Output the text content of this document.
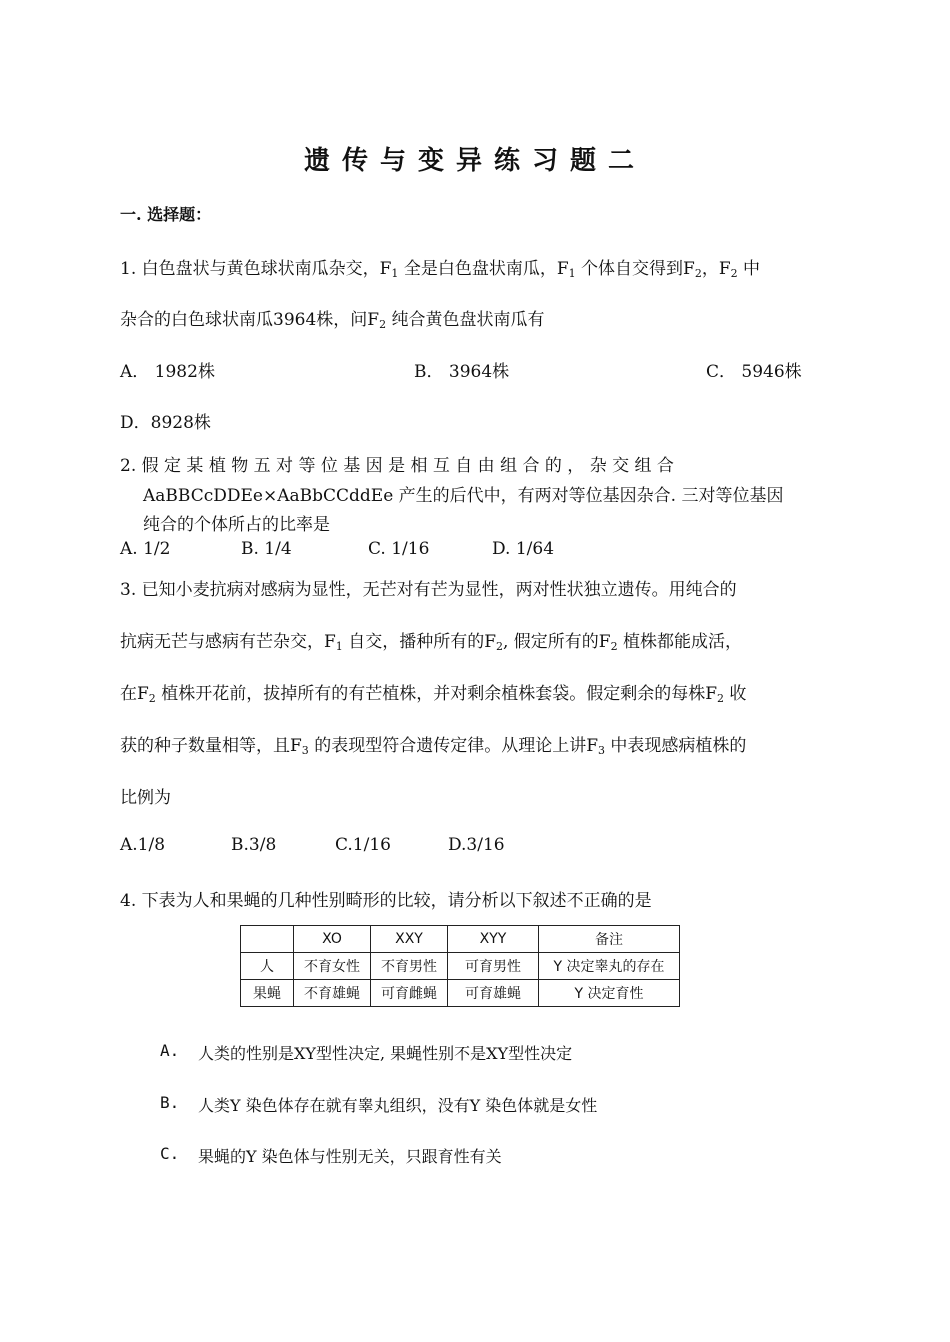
遗传与变异练习题二
一. 选择题：
1. 白色盘状与黄色球状南瓜杂交，$F_1$ 全是白色盘状南瓜，$F_1$ 个体自交得到$F_2$，$F_2$ 中
杂合的白色球状南瓜3964株，问$F_2$ 纯合黄色盘状南瓜有
A． 1982株	B． 3964株	C． 5946株
D．8928株
2. 假 定 某 植 物 五 对 等 位 基 因 是 相 互 自 由 组 合 的 ， 杂 交 组 合
AaBBCcDDEe×AaBbCCddEe 产生的后代中，有两对等位基因杂合. 三对等位基因
纯合的个体所占的比率是
A. 1/2	B. 1/4	C. 1/16	D. 1/64
3. 已知小麦抗病对感病为显性，无芒对有芒为显性，两对性状独立遗传。用纯合的
抗病无芒与感病有芒杂交，$F_1$ 自交，播种所有的$F_2$, 假定所有的$F_2$ 植株都能成活，
在$F_2$ 植株开花前，拔掉所有的有芒植株，并对剩余植株套袋。假定剩余的每株$F_2$ 收
获的种子数量相等，且$F_3$ 的表现型符合遗传定律。从理论上讲$F_3$ 中表现感病植株的
比例为
A.1/8	B.3/8	C.1/16	D.3/16
4. 下表为人和果蝇的几种性别畸形的比较，请分析以下叙述不正确的是
	XO	XXY	XYY	备注
人	不育女性	不育男性	可育男性	Y 决定睾丸的存在
果蝇	不育雄蝇	可育雌蝇	可育雄蝇	Y 决定育性
A. 人类的性别是XY型性决定, 果蝇性别不是XY型性决定
B. 人类Y 染色体存在就有睾丸组织，没有Y 染色体就是女性
C. 果蝇的Y 染色体与性别无关，只跟育性有关
